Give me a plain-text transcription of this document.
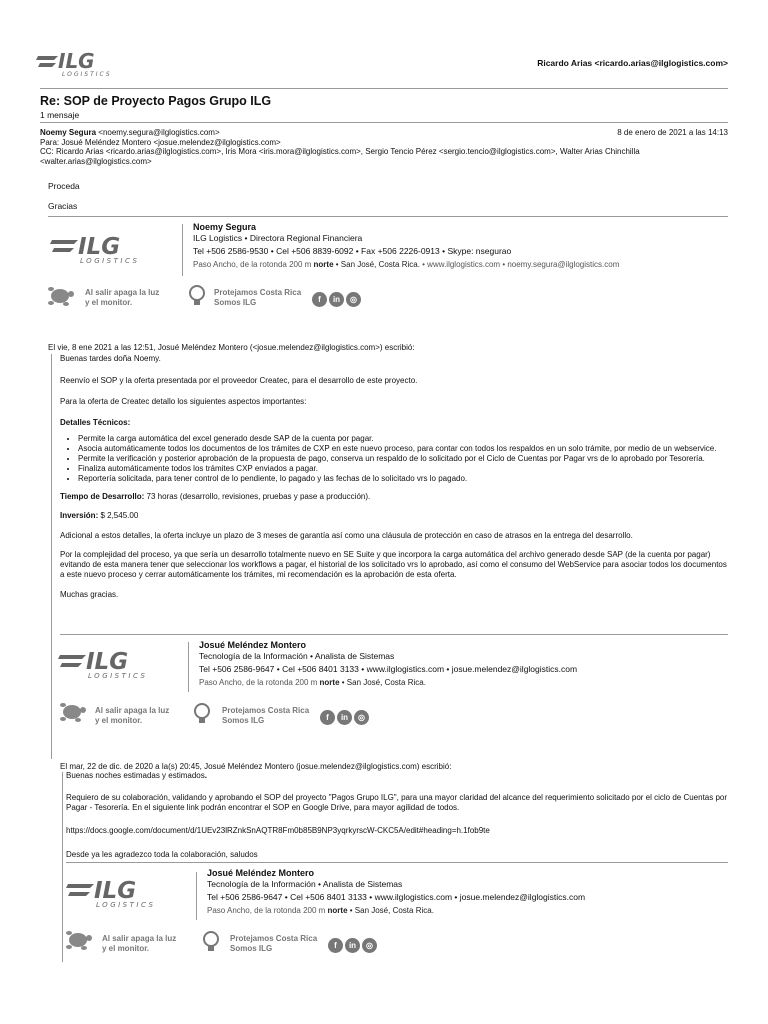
ILG
LOGISTICS
Ricardo Arias <ricardo.arias@ilglogistics.com>
Re: SOP de Proyecto Pagos Grupo ILG
1 mensaje
Noemy Segura <noemy.segura@ilglogistics.com>
Para: Josué Meléndez Montero <josue.melendez@ilglogistics.com>
CC: Ricardo Arias <ricardo.arias@ilglogistics.com>, Iris Mora <iris.mora@ilglogistics.com>, Sergio Tencio Pérez <sergio.tencio@ilglogistics.com>, Walter Arias Chinchilla
<walter.arias@ilglogistics.com>
8 de enero de 2021 a las 14:13
Proceda
Gracias
ILG
LOGISTICS
Noemy Segura
ILG Logistics • Directora Regional Financiera
Tel +506 2586-9530 • Cel +506 8839-6092 • Fax +506 2226-0913 • Skype: nsegurao
Paso Ancho, de la rotonda 200 m norte • San José, Costa Rica. • www.ilglogistics.com • noemy.segura@ilglogistics.com
Al salir apaga la luz
y el monitor.
Protejamos Costa Rica
Somos ILG	f in ◎
El vie, 8 ene 2021 a las 12:51, Josué Meléndez Montero (<josue.melendez@ilglogistics.com>) escribió:

Buenas tardes doña Noemy.

Reenvío el SOP y la oferta presentada por el proveedor Createc, para el desarrollo de este proyecto.

Para la oferta de Createc detallo los siguientes aspectos importantes:

Detalles Técnicos:

• Permite la carga automática del excel generado desde SAP de la cuenta por pagar.
• Asocia automáticamente todos los documentos de los trámites de CXP en este nuevo proceso, para contar con todos los respaldos en un solo trámite, por medio de un webservice.
• Permite la verificación y posterior aprobación de la propuesta de pago, conserva un respaldo de lo solicitado por el Ciclo de Cuentas por Pagar vrs de lo aprobado por Tesorería.
• Finaliza automáticamente todos los trámites CXP enviados a pagar.
• Reportería solicitada, para tener control de lo pendiente, lo pagado y las fechas de lo solicitado vrs lo pagado.

Tiempo de Desarrollo: 73 horas (desarrollo, revisiones, pruebas y pase a producción).

Inversión: $ 2,545.00

Adicional a estos detalles, la oferta incluye un plazo de 3 meses de garantía así como una cláusula de protección en caso de atrasos en la entrega del desarrollo.

Por la complejidad del proceso, ya que sería un desarrollo totalmente nuevo en SE Suite y que incorpora la carga automática del archivo generado desde SAP (de la cuenta por pagar) evitando de esta manera tener que seleccionar los workflows a pagar, el historial de los solicitado vrs lo aprobado, así como el consumo del WebService para asociar todos los documentos a este nuevo proceso y cerrar automáticamente los trámites, mi recomendación es la aprobación de esta oferta.

Muchas gracias.

ILG
LOGISTICS
Josué Meléndez Montero
Tecnología de la Información • Analista de Sistemas
Tel +506 2586-9647 • Cel +506 8401 3133 • www.ilglogistics.com • josue.melendez@ilglogistics.com
Paso Ancho, de la rotonda 200 m norte • San José, Costa Rica.
Al salir apaga la luz
y el monitor.
Protejamos Costa Rica
Somos ILG	f in ◎
El mar, 22 de dic. de 2020 a la(s) 20:45, Josué Meléndez Montero (josue.melendez@ilglogistics.com) escribió:

Buenas noches estimadas y estimados.

Requiero de su colaboración, validando y aprobando el SOP del proyecto "Pagos Grupo ILG", para una mayor claridad del alcance del requerimiento solicitado por el ciclo de Cuentas por Pagar - Tesorería. En el siguiente link podrán encontrar el SOP en Google Drive, para mayor agilidad de todos.

https://docs.google.com/document/d/1UEv23lRZnkSnAQTR8Fm0b85B9NP3yqrkyrscW-CKC5A/edit#heading=h.1fob9te

Desde ya les agradezco toda la colaboración, saludos

ILG
LOGISTICS
Josué Meléndez Montero
Tecnología de la Información • Analista de Sistemas
Tel +506 2586-9647 • Cel +506 8401 3133 • www.ilglogistics.com • josue.melendez@ilglogistics.com
Paso Ancho, de la rotonda 200 m norte • San José, Costa Rica.
Al salir apaga la luz
y el monitor.
Protejamos Costa Rica
Somos ILG	f in ◎
